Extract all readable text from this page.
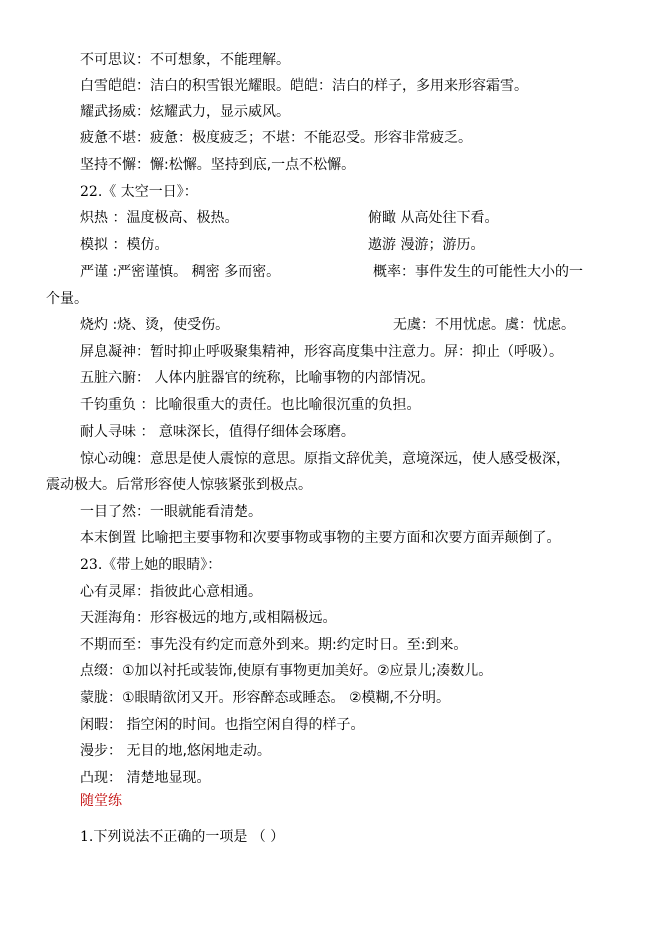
不可思议：不可想象，不能理解。
白雪皑皑：洁白的积雪银光耀眼。皑皑：洁白的样子，多用来形容霜雪。
耀武扬威：炫耀武力，显示威风。
疲惫不堪：疲惫：极度疲乏；不堪：不能忍受。形容非常疲乏。
坚持不懈：懈:松懈。坚持到底,一点不松懈。
22.《 太空一日》：
炽热 ：温度极高、极热。	俯瞰 从高处往下看。
模拟 ：模仿。	遨游 漫游；游历。
严谨 :严密谨慎。 稠密 多而密。	概率：事件发生的可能性大小的一
个量。
烧灼 :烧、烫，使受伤。	无虞：不用忧虑。虞：忧虑。
屏息凝神：暂时抑止呼吸聚集精神，形容高度集中注意力。屏：抑止（呼吸）。
五脏六腑： 人体内脏器官的统称，比喻事物的内部情况。
千钧重负 ：比喻很重大的责任。也比喻很沉重的负担。
耐人寻味 ： 意味深长，值得仔细体会琢磨。
惊心动魄：意思是使人震惊的意思。原指文辞优美，意境深远，使人感受极深，
震动极大。后常形容使人惊骇紧张到极点。
一目了然：一眼就能看清楚。
本末倒置 比喻把主要事物和次要事物或事物的主要方面和次要方面弄颠倒了。
23.《带上她的眼睛》：
心有灵犀：指彼此心意相通。
天涯海角：形容极远的地方,或相隔极远。
不期而至：事先没有约定而意外到来。期:约定时日。至:到来。
点缀：①加以衬托或装饰,使原有事物更加美好。②应景儿;凑数儿。
蒙胧：①眼睛欲闭又开。形容醉态或睡态。 ②模糊,不分明。
闲暇： 指空闲的时间。也指空闲自得的样子。
漫步： 无目的地,悠闲地走动。
凸现： 清楚地显现。
随堂练
1.下列说法不正确的一项是 （ ）
